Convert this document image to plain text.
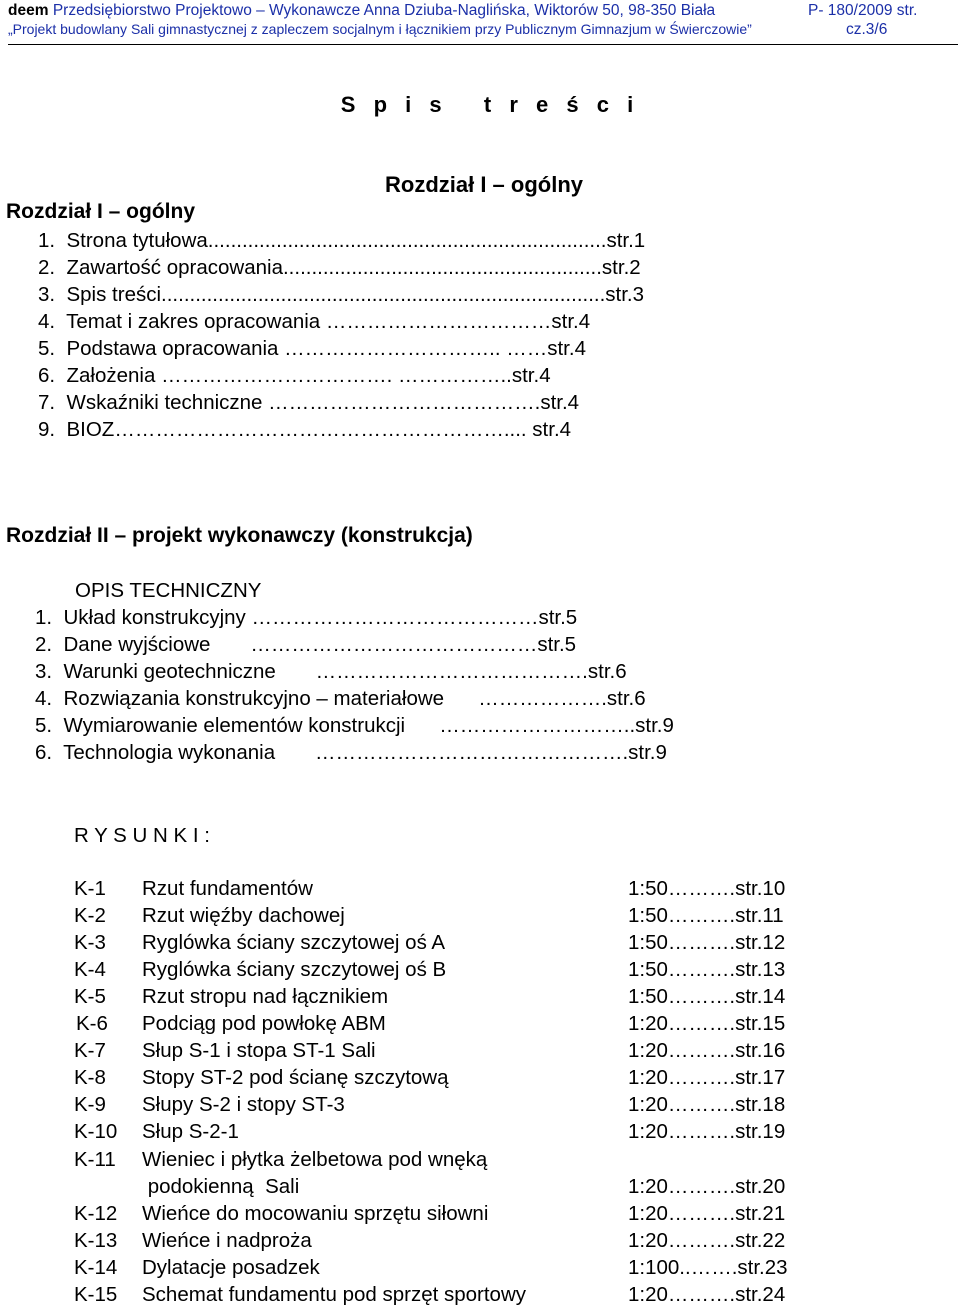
deem Przedsiębiorstwo Projektowo – Wykonawcze Anna Dziuba-Naglińska, Wiktorów 50, 98-350 Biała	P- 180/2009 str.
„Projekt budowlany Sali gimnastycznej z zapleczem socjalnym i łącznikiem przy Publicznym Gimnazjum w Świerczowie”	cz.3/6
S p i s   t r e ś c i
Rozdział I – ogólny
Rozdział I – ogólny
1.  Strona tytułowa......................................................................str.1
2.  Zawartość opracowania........................................................str.2
3.  Spis treści..............................................................................str.3
4.  Temat i zakres opracowania ……………………………str.4
5.  Podstawa opracowania ………………………….. ……str.4
6.  Założenia ……………………………. ……………..str.4
7.  Wskaźniki techniczne ………………………………….str.4
9.  BIOZ………………………………………………….... str.4
Rozdział II – projekt wykonawczy (konstrukcja)
OPIS TECHNICZNY
1.  Układ konstrukcyjny ……………………………………str.5
2.  Dane wyjściowe       ……………………………………str.5
3.  Warunki geotechniczne       ………………………………….str.6
4.  Rozwiązania konstrukcyjno – materiałowe      ……………….str.6
5.  Wymiarowanie elementów konstrukcji      ………………………..str.9
6.  Technologia wykonania       ……………………………………….str.9
R Y S U N K I :
K-1 Rzut fundamentów	1:50……….str.10
K-2 Rzut więźby dachowej	1:50……….str.11
K-3 Ryglówka ściany szczytowej oś A	1:50……….str.12
K-4 Ryglówka ściany szczytowej oś B	1:50……….str.13
K-5 Rzut stropu nad łącznikiem	1:50……….str.14
K-6 Podciąg pod powłokę ABM	1:20……….str.15
K-7 Słup S-1 i stopa ST-1 Sali	1:20……….str.16
K-8 Stopy ST-2 pod ścianę szczytową	1:20……….str.17
K-9 Słupy S-2 i stopy ST-3	1:20……….str.18
K-10 Słup S-2-1	1:20……….str.19
K-11 Wieniec i płytka żelbetowa pod wnęką
podokienną  Sali	1:20……….str.20
K-12 Wieńce do mocowaniu sprzętu siłowni	1:20……….str.21
K-13 Wieńce i nadproża	1:20……….str.22
K-14 Dylatacje posadzek	1:100..…….str.23
K-15 Schemat fundamentu pod sprzęt sportowy	1:20……….str.24
